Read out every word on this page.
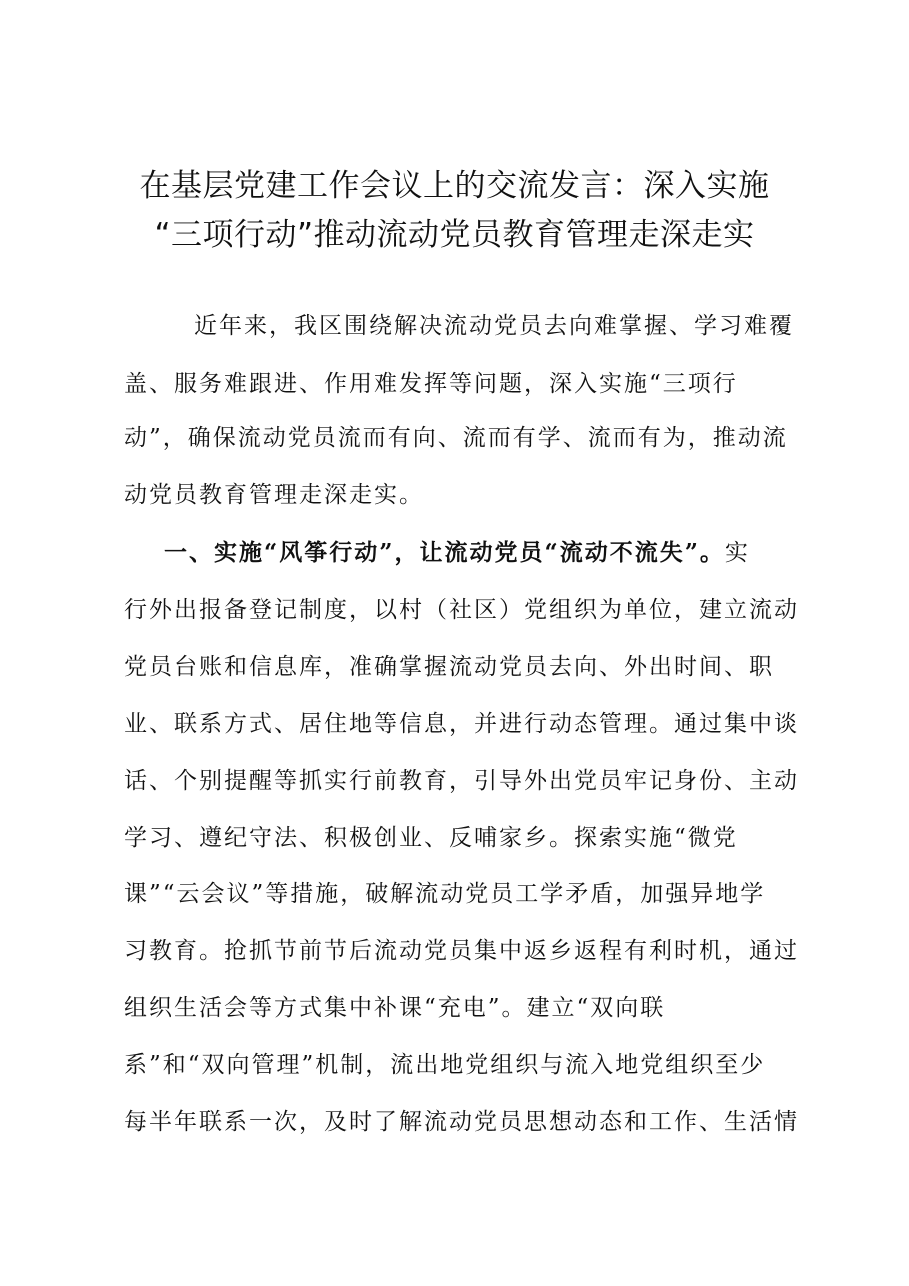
在基层党建工作会议上的交流发言：深入实施
“三项行动”推动流动党员教育管理走深走实
近年来，我区围绕解决流动党员去向难掌握、学习难覆
盖、服务难跟进、作用难发挥等问题，深入实施“三项行
动”，确保流动党员流而有向、流而有学、流而有为，推动流
动党员教育管理走深走实。
一、实施“风筝行动”，让流动党员“流动不流失”。实
行外出报备登记制度，以村（社区）党组织为单位，建立流动
党员台账和信息库，准确掌握流动党员去向、外出时间、职
业、联系方式、居住地等信息，并进行动态管理。通过集中谈
话、个别提醒等抓实行前教育，引导外出党员牢记身份、主动
学习、遵纪守法、积极创业、反哺家乡。探索实施“微党
课”“云会议”等措施，破解流动党员工学矛盾，加强异地学
习教育。抢抓节前节后流动党员集中返乡返程有利时机，通过
组织生活会等方式集中补课“充电”。建立“双向联
系”和“双向管理”机制，流出地党组织与流入地党组织至少
每半年联系一次，及时了解流动党员思想动态和工作、生活情
